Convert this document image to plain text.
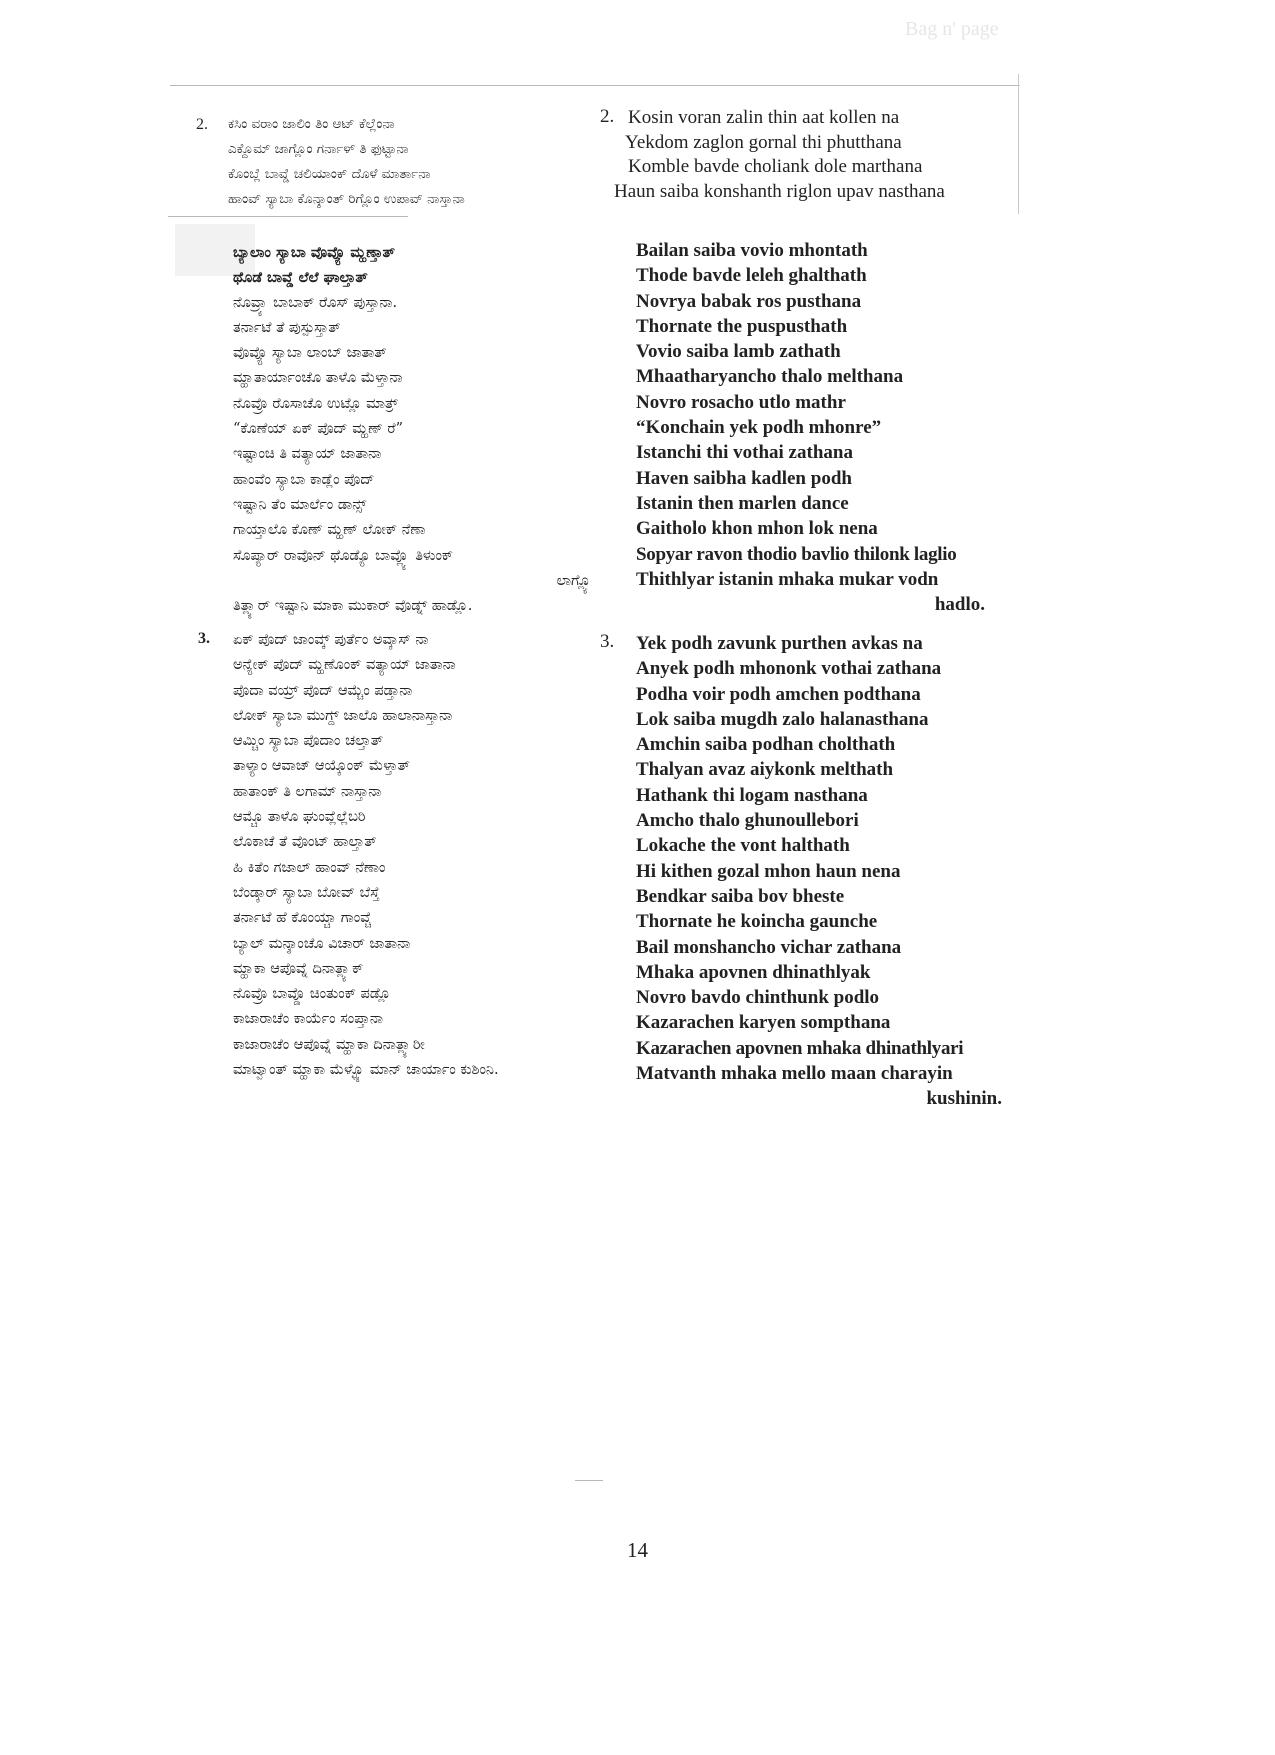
Bag n' page
2. ಕಸಿಂ ವರಾಂ ಜಾಲಿಂ ತಿಂ ಆಟ್ ಕೆಲ್ಲೆಂನಾ
ಎಕ್ದೊಮ್ ಜಾಗ್ಲೊಂ ಗರ್ನಾಳ್ ತಿ ಫುಟ್ಟಾನಾ
ಕೊಂಬ್ಲೆ ಬಾವ್ಡೆ ಚಲಿಯಾಂಕ್ ದೊಳೆ ಮಾರ್ತಾನಾ
ಹಾಂವ್ ಸ್ಯಾಬಾ ಕೊನ್ಶಾಂತ್ ರಿಗ್ಲೊಂ ಉಪಾವ್ ನಾಸ್ತಾನಾ
ಬ್ಯಾಲಾಂ ಸ್ಯಾಬಾ ವೊವ್ಯೊ ಮ್ಹಣ್ತಾತ್
ಥೊಡೆ ಬಾವ್ಡೆ ಲೆಲೆ ಘಾಲ್ತಾತ್
ನೊವ್ರ್ಯಾ ಬಾಬಾಕ್ ರೊಸ್ ಪುಸ್ತಾನಾ.
ತರ್ನಾಟೆ ತೆ ಪುಸ್ಪುಸ್ತಾತ್
ವೊವ್ಯೊ ಸ್ಯಾಬಾ ಲಾಂಬ್ ಜಾತಾತ್
ಮ್ಹಾತಾರ್ಯಾಂಚೊ ತಾಳೊ ಮೆಳ್ತಾನಾ
ನೊವ್ರೊ ರೊಸಾಚೊ ಉಟ್ಲೊ ಮಾತ್ರ್
“ಕೊಣೆಯ್ ಏಕ್ ಪೊದ್ ಮ್ಹಣ್ ರೆ”
ಇಷ್ಟಾಂಚಿ ತಿ ವತ್ಯಾಯ್ ಜಾತಾನಾ
ಹಾಂವೆಂ ಸ್ಯಾಬಾ ಕಾಡ್ಲೆಂ ಪೊದ್
ಇಷ್ಟಾನಿ ತೆಂ ಮಾರ್ಲೆಂ ಡಾನ್ಸ್
ಗಾಯ್ತಾಲೊ ಕೊಣ್ ಮ್ಹಣ್ ಲೋಕ್ ನೆಣಾ
ಸೊಪ್ಯಾರ್ ರಾವೊನ್ ಥೊಡ್ಯೊ ಬಾವ್ಲ್ಯೊ ತಿಳುಂಕ್
ಲಾಗ್ಲ್ಯೊ
ತಿತ್ಲ್ಯಾರ್ ಇಷ್ಟಾನಿ ಮಾಕಾ ಮುಕಾರ್ ವೊಡ್ನ್ ಹಾಡ್ಲೊ.
3. ಏಕ್ ಪೊದ್ ಜಾಂವ್ಕ್ ಪುರ್ತೆಂ ಅವ್ಕಾಸ್ ನಾ
ಅನ್ಯೇಕ್ ಪೊದ್ ಮ್ಹಣೊಂಕ್ ವತ್ಯಾಯ್ ಜಾತಾನಾ
ಪೊದಾ ವಯ್ರ್ ಪೊದ್ ಆಮ್ಚೆಂ ಪಡ್ತಾನಾ
ಲೋಕ್ ಸ್ಯಾಬಾ ಮುಗ್ದ್ ಜಾಲೊ ಹಾಲಾನಾಸ್ತಾನಾ
ಆಮ್ಚಿಂ ಸ್ಯಾಬಾ ಪೊದಾಂ ಚಲ್ತಾತ್
ತಾಳ್ಯಾಂ ಆವಾಜ್ ಆಯ್ಕೊಂಕ್ ಮೆಳ್ತಾತ್
ಹಾತಾಂಕ್ ತಿ ಲಗಾಮ್ ನಾಸ್ತಾನಾ
ಆಮ್ಚೊ ತಾಳೊ ಘುಂವ್ಲೆಲ್ಲೆಬರಿ
ಲೊಕಾಚೆ ತೆ ವೊಂಟ್ ಹಾಲ್ತಾತ್
ಹಿ ಕಿತೆಂ ಗಜಾಲ್ ಹಾಂವ್ ನೆಣಾಂ
ಬೆಂಡ್ಕಾರ್ ಸ್ಯಾಬಾ ಬೋವ್ ಬೆಸ್ತೆ
ತರ್ನಾಟೆ ಹೆ ಕೊಂಯ್ಚಾ ಗಾಂವ್ಚೆ
ಬ್ಯಾಲ್ ಮನ್ಶಾಂಚೊ ವಿಚಾರ್ ಜಾತಾನಾ
ಮ್ಹಾಕಾ ಆಪೊವ್ನೆ ದಿನಾತ್ಲ್ಯಾಕ್
ನೊವ್ರೊ ಬಾವ್ಡೊ ಚಿಂತುಂಕ್ ಪಡ್ಲೊ
ಕಾಜಾರಾಚೆಂ ಕಾರ್ಯೆಂ ಸಂಪ್ತಾನಾ
ಕಾಜಾರಾಚೆಂ ಆಪೊವ್ನೆ ಮ್ಹಾಕಾ ದಿನಾತ್ಲ್ಯಾರೀ
ಮಾಟ್ವಾಂತ್ ಮ್ಹಾಕಾ ಮೆಳ್ಳ್ಯೊ ಮಾನ್ ಚಾರ್ಯಾಂ ಕುಶಿಂನಿ.
2. Kosin voran zalin thin aat kollen na
Yekdom zaglon gornal thi phutthana
Komble bavde choliank dole marthana
Haun saiba konshanth riglon upav nasthana
Bailan saiba vovio mhontath
Thode bavde leleh ghalthath
Novrya babak ros pusthana
Thornate the puspusthath
Vovio saiba lamb zathath
Mhaatharyancho thalo melthana
Novro rosacho utlo mathr
“Konchain yek podh mhonre”
Istanchi thi vothai zathana
Haven saibha kadlen podh
Istanin then marlen dance
Gaitholo khon mhon lok nena
Sopyar ravon thodio bavlio thilonk laglio
Thithlyar istanin mhaka mukar vodn
hadlo.
3. Yek podh zavunk purthen avkas na
Anyek podh mhononk vothai zathana
Podha voir podh amchen podthana
Lok saiba mugdh zalo halanasthana
Amchin saiba podhan cholthath
Thalyan avaz aiykonk melthath
Hathank thi logam nasthana
Amcho thalo ghunoullebori
Lokache the vont halthath
Hi kithen gozal mhon haun nena
Bendkar saiba bov bheste
Thornate he koincha gaunche
Bail monshancho vichar zathana
Mhaka apovnen dhinathlyak
Novro bavdo chinthunk podlo
Kazarachen karyen sompthana
Kazarachen apovnen mhaka dhinathlyari
Matvanth mhaka mello maan charayin
kushinin.
14
